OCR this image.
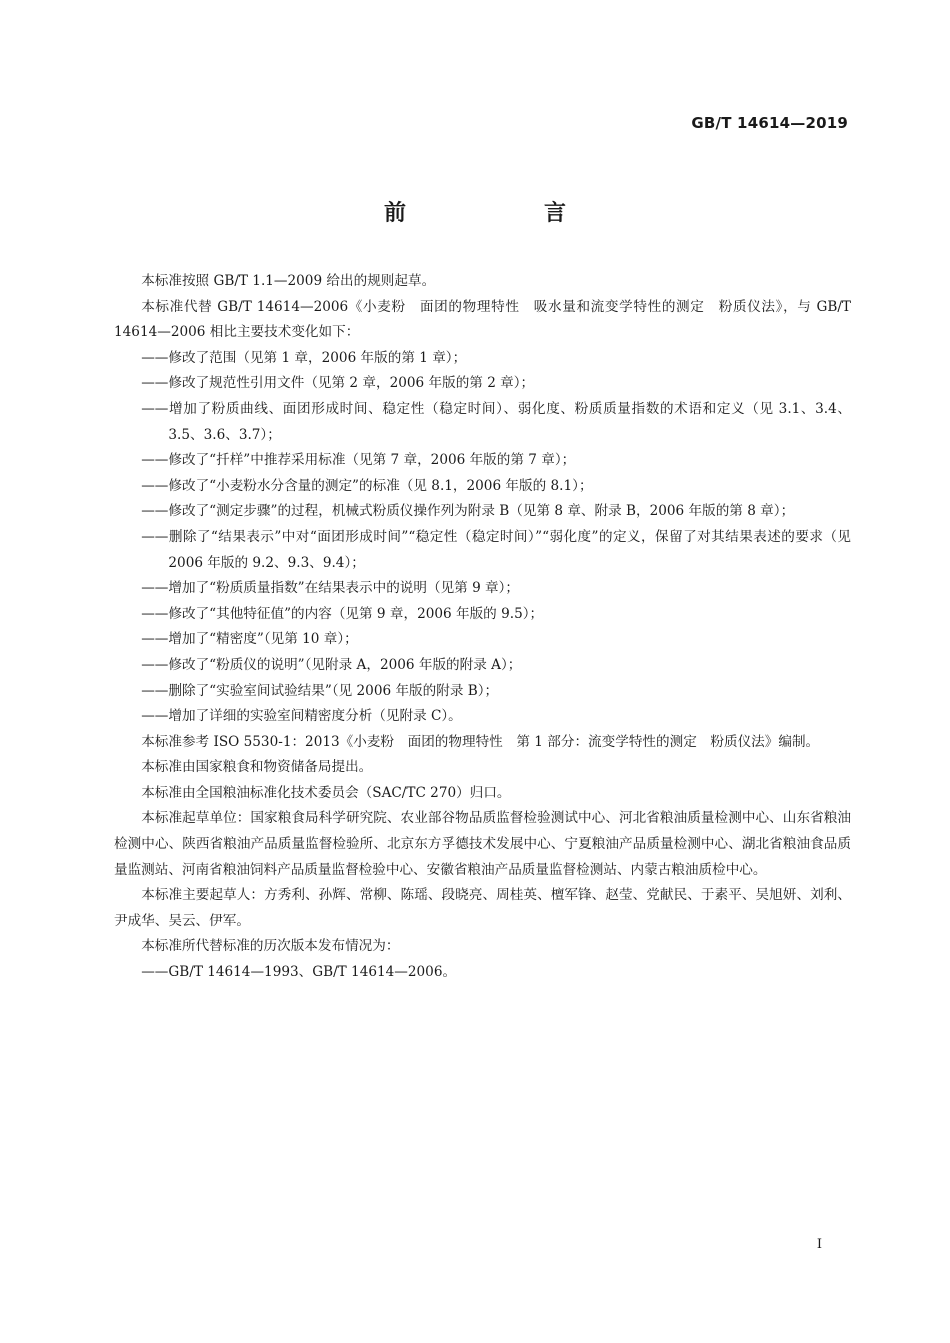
GB/T 14614—2019
前　言

本标准按照 GB/T 1.1—2009 给出的规则起草。

本标准代替 GB/T 14614—2006《小麦粉　面团的物理特性　吸水量和流变学特性的测定　粉质仪法》，与 GB/T 14614—2006 相比主要技术变化如下：

——修改了范围（见第 1 章，2006 年版的第 1 章）；

——修改了规范性引用文件（见第 2 章，2006 年版的第 2 章）；

——增加了粉质曲线、面团形成时间、稳定性（稳定时间）、弱化度、粉质质量指数的术语和定义（见 3.1、3.4、3.5、3.6、3.7）；

——修改了“扦样”中推荐采用标准（见第 7 章，2006 年版的第 7 章）；

——修改了“小麦粉水分含量的测定”的标准（见 8.1，2006 年版的 8.1）；

——修改了“测定步骤”的过程，机械式粉质仪操作列为附录 B（见第 8 章、附录 B，2006 年版的第 8 章）；

——删除了“结果表示”中对“面团形成时间”“稳定性（稳定时间）”“弱化度”的定义，保留了对其结果表述的要求（见 2006 年版的 9.2、9.3、9.4）；

——增加了“粉质质量指数”在结果表示中的说明（见第 9 章）；

——修改了“其他特征值”的内容（见第 9 章，2006 年版的 9.5）；

——增加了“精密度”（见第 10 章）；

——修改了“粉质仪的说明”（见附录 A，2006 年版的附录 A）；

——删除了“实验室间试验结果”（见 2006 年版的附录 B）；

——增加了详细的实验室间精密度分析（见附录 C）。

本标准参考 ISO 5530-1：2013《小麦粉　面团的物理特性　第 1 部分：流变学特性的测定　粉质仪法》编制。

本标准由国家粮食和物资储备局提出。

本标准由全国粮油标准化技术委员会（SAC/TC 270）归口。

本标准起草单位：国家粮食局科学研究院、农业部谷物品质监督检验测试中心、河北省粮油质量检测中心、山东省粮油检测中心、陕西省粮油产品质量监督检验所、北京东方孚德技术发展中心、宁夏粮油产品质量检测中心、湖北省粮油食品质量监测站、河南省粮油饲料产品质量监督检验中心、安徽省粮油产品质量监督检测站、内蒙古粮油质检中心。

本标准主要起草人：方秀利、孙辉、常柳、陈瑶、段晓亮、周桂英、檀军锋、赵莹、党献民、于素平、吴旭妍、刘利、尹成华、吴云、伊军。

本标准所代替标准的历次版本发布情况为：

——GB/T 14614—1993、GB/T 14614—2006。

I
